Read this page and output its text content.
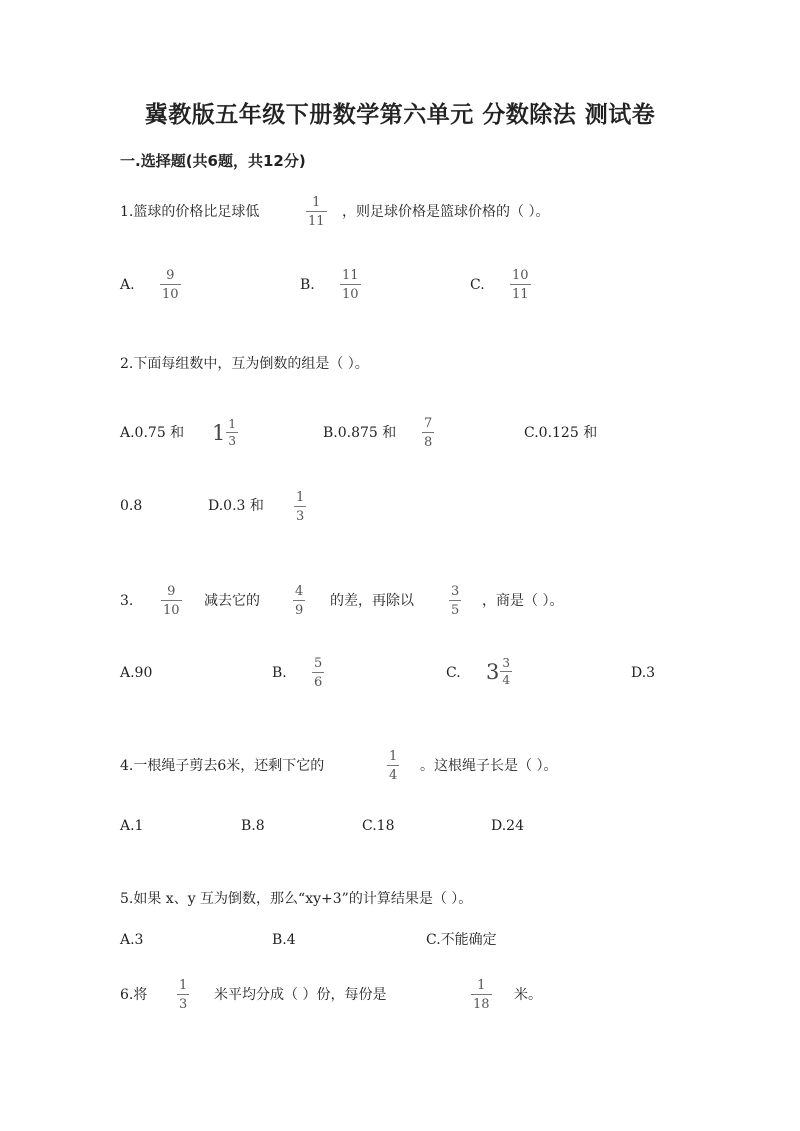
冀教版五年级下册数学第六单元 分数除法 测试卷
一.选择题(共6题，共12分)
1.篮球的价格比足球低
1
11
，则足球价格是篮球价格的（ ）。
A.
9
10
B.
11
10
C.
10
11
2.下面每组数中，互为倒数的组是（ ）。
A.0.75 和 $1 \frac{1}{3}$	B.0.875 和
7
8
C.0.125 和
0.8	D.0.3 和
1
3
3.
9
10
减去它的
4
9
的差，再除以
3
5
，商是（ ）。
A.90	B.
5
6
C. $3 \frac{3}{4}$	D.3
4.一根绳子剪去6米，还剩下它的
1
4
。这根绳子长是（ ）。
A.1	B.8	C.18	D.24
5.如果 x、y 互为倒数，那么“xy+3”的计算结果是（ ）。
A.3	B.4	C.不能确定
6.将
1
3
米平均分成（ ）份，每份是
1
18
米。
